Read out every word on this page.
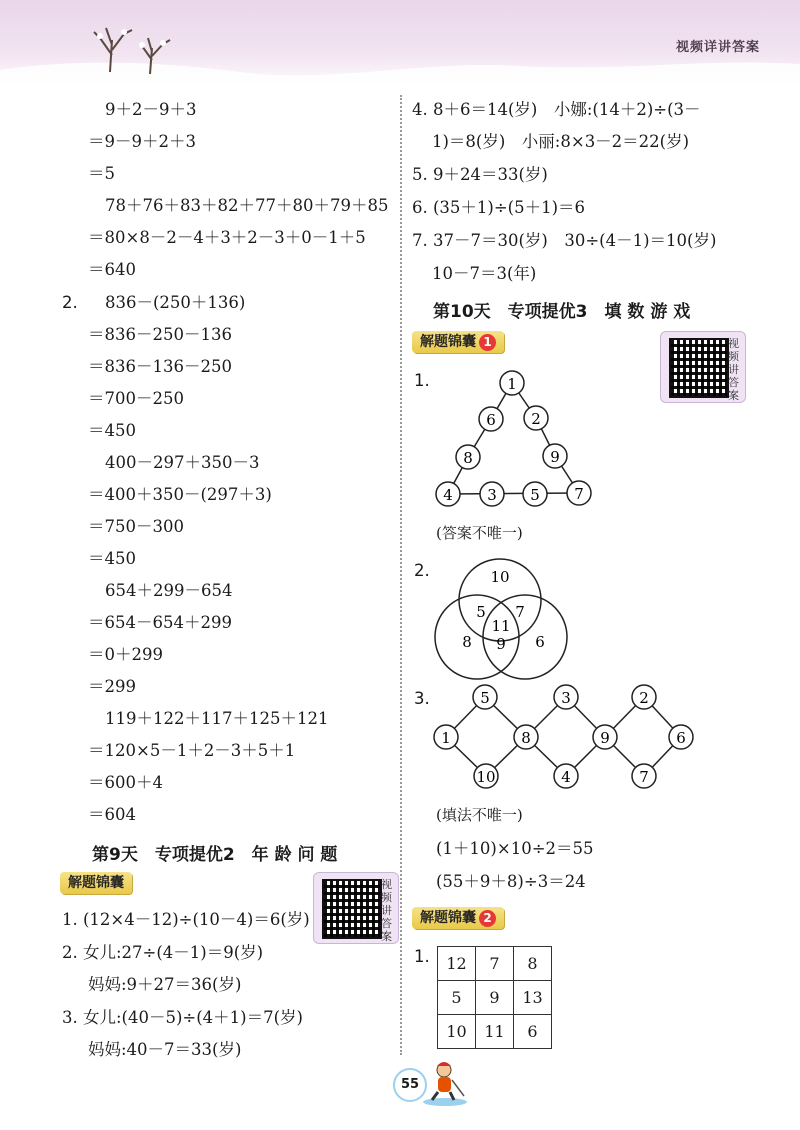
视频详讲答案
9＋2－9＋3
＝9－9＋2＋3
＝5
78＋76＋83＋82＋77＋80＋79＋85
＝80×8－2－4＋3＋2－3＋0－1＋5
＝640
2. 836－(250＋136)
＝836－250－136
＝836－136－250
＝700－250
＝450
400－297＋350－3
＝400＋350－(297＋3)
＝750－300
＝450
654＋299－654
＝654－654＋299
＝0＋299
＝299
119＋122＋117＋125＋121
＝120×5－1＋2－3＋5＋1
＝600＋4
＝604
第9天　专项提优2　年 龄 问 题
解题锦囊	视频讲答案
1. (12×4－12)÷(10－4)＝6(岁)
2. 女儿:27÷(4－1)＝9(岁)
妈妈:9＋27＝36(岁)
3. 女儿:(40－5)÷(4＋1)＝7(岁)
妈妈:40－7＝33(岁)
4. 8＋6＝14(岁)　小娜:(14＋2)÷(3－
1)＝8(岁)　小丽:8×3－2＝22(岁)
5. 9＋24＝33(岁)
6. (35＋1)÷(5＋1)＝6
7. 37－7＝30(岁)　30÷(4－1)＝10(岁)
10－7＝3(年)
第10天　专项提优3　填 数 游 戏
解题锦囊 1	视频讲答案
1.	1
6 2
8	9
4 3 5 7
(答案不唯一)
2.	10
5 7
11
8 9 6
3.	5	3	2
1	8	9	6
10	4	7
(填法不唯一)
(1＋10)×10÷2＝55
(55＋9＋8)÷3＝24
解题锦囊 2
1. 12	7	8
5	9	13
10	11	6
55
